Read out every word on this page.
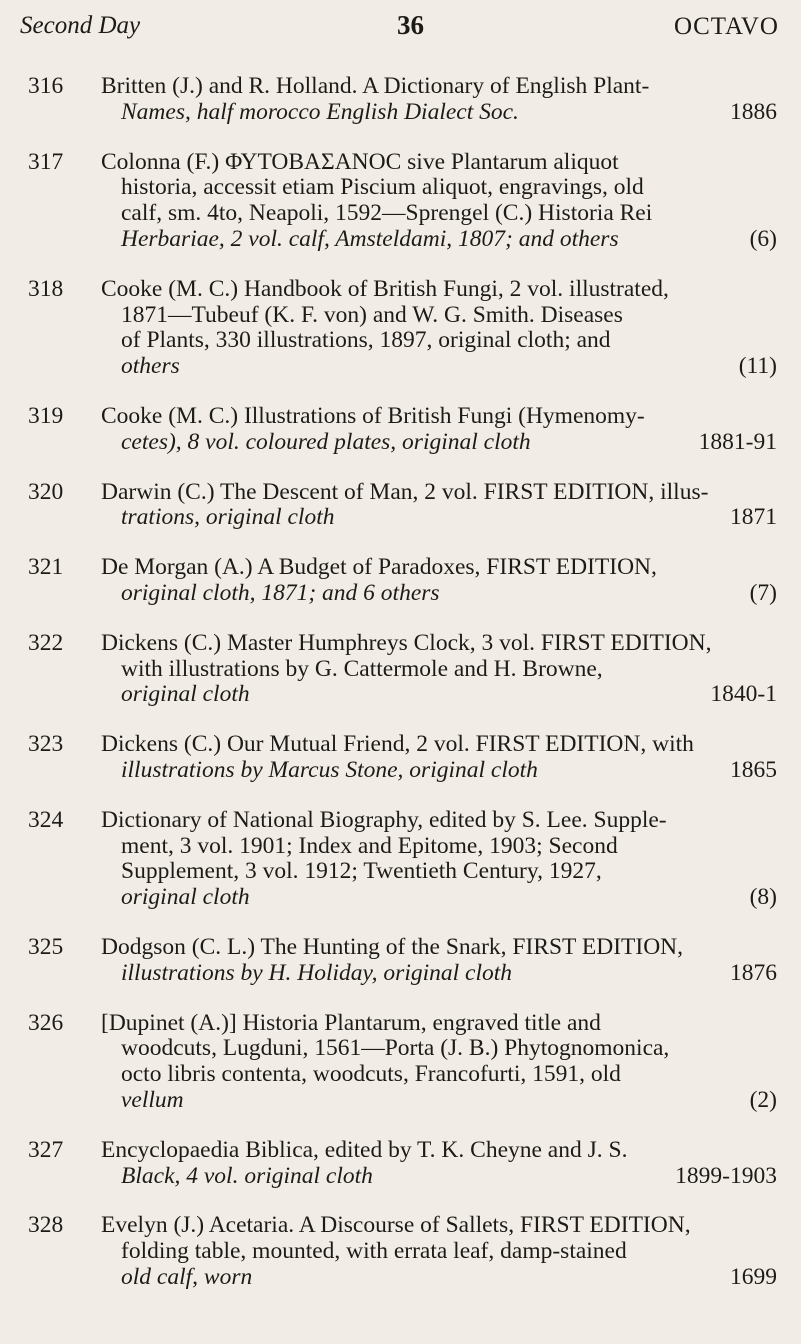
Second Day	36	OCTAVO
316 Britten (J.) and R. Holland. A Dictionary of English Plant-
Names, half morocco English Dialect Soc.	1886
317 Colonna (F.) ΦΥΤΟΒΑΣΑΝΟC sive Plantarum aliquot
historia, accessit etiam Piscium aliquot, engravings, old
calf, sm. 4to, Neapoli, 1592—Sprengel (C.) Historia Rei
Herbariae, 2 vol. calf, Amsteldami, 1807; and others	(6)
318 Cooke (M. C.) Handbook of British Fungi, 2 vol. illustrated,
1871—Tubeuf (K. F. von) and W. G. Smith. Diseases
of Plants, 330 illustrations, 1897, original cloth; and
others	(11)
319 Cooke (M. C.) Illustrations of British Fungi (Hymenomy-
cetes), 8 vol. coloured plates, original cloth	1881-91
320 Darwin (C.) The Descent of Man, 2 vol. FIRST EDITION, illus-
trations, original cloth	1871
321 De Morgan (A.) A Budget of Paradoxes, FIRST EDITION,
original cloth, 1871; and 6 others	(7)
322 Dickens (C.) Master Humphreys Clock, 3 vol. FIRST EDITION,
with illustrations by G. Cattermole and H. Browne,
original cloth	1840-1
323 Dickens (C.) Our Mutual Friend, 2 vol. FIRST EDITION, with
illustrations by Marcus Stone, original cloth	1865
324 Dictionary of National Biography, edited by S. Lee. Supple-
ment, 3 vol. 1901; Index and Epitome, 1903; Second
Supplement, 3 vol. 1912; Twentieth Century, 1927,
original cloth	(8)
325 Dodgson (C. L.) The Hunting of the Snark, FIRST EDITION,
illustrations by H. Holiday, original cloth	1876
326 [Dupinet (A.)] Historia Plantarum, engraved title and
woodcuts, Lugduni, 1561—Porta (J. B.) Phytognomonica,
octo libris contenta, woodcuts, Francofurti, 1591, old
vellum	(2)
327 Encyclopaedia Biblica, edited by T. K. Cheyne and J. S.
Black, 4 vol. original cloth	1899-1903
328 Evelyn (J.) Acetaria. A Discourse of Sallets, FIRST EDITION,
folding table, mounted, with errata leaf, damp-stained
old calf, worn	1699
